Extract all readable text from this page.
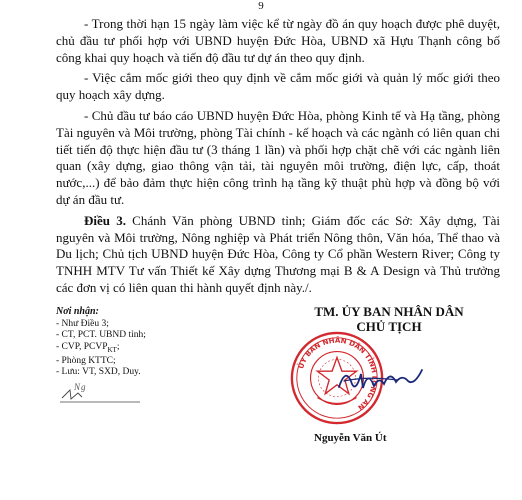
9

- Trong thời hạn 15 ngày làm việc kể từ ngày đồ án quy hoạch được phê duyệt, chủ đầu tư phối hợp với UBND huyện Đức Hòa, UBND xã Hựu Thạnh công bố công khai quy hoạch và tiến độ đầu tư dự án theo quy định.

- Việc cắm mốc giới theo quy định về cắm mốc giới và quản lý mốc giới theo quy hoạch xây dựng.

- Chủ đầu tư báo cáo UBND huyện Đức Hòa, phòng Kinh tế và Hạ tầng, phòng Tài nguyên và Môi trường, phòng Tài chính - kế hoạch và các ngành có liên quan chi tiết tiến độ thực hiện đầu tư (3 tháng 1 lần) và phối hợp chặt chẽ với các ngành liên quan (xây dựng, giao thông vận tải, tài nguyên môi trường, điện lực, cấp, thoát nước,...) để bảo đảm thực hiện công trình hạ tầng kỹ thuật phù hợp và đồng bộ với dự án đầu tư.

Điều 3. Chánh Văn phòng UBND tỉnh; Giám đốc các Sở: Xây dựng, Tài nguyên và Môi trường, Nông nghiệp và Phát triển Nông thôn, Văn hóa, Thể thao và Du lịch; Chủ tịch UBND huyện Đức Hòa, Công ty Cổ phần Western River; Công ty TNHH MTV Tư vấn Thiết kế Xây dựng Thương mại B & A Design và Thủ trưởng các đơn vị có liên quan thi hành quyết định này./.

Nơi nhận:
- Như Điều 3;
- CT, PCT. UBND tỉnh;
- CVP, $PCVP_{KT}$;
- Phòng KTTC;
- Lưu: VT, SXD, Duy.
Ng
TM. ỦY BAN NHÂN DÂN
CHỦ TỊCH
ỦY BAN NHÂN DÂN TỈNH LONG AN
Nguyễn Văn Út
